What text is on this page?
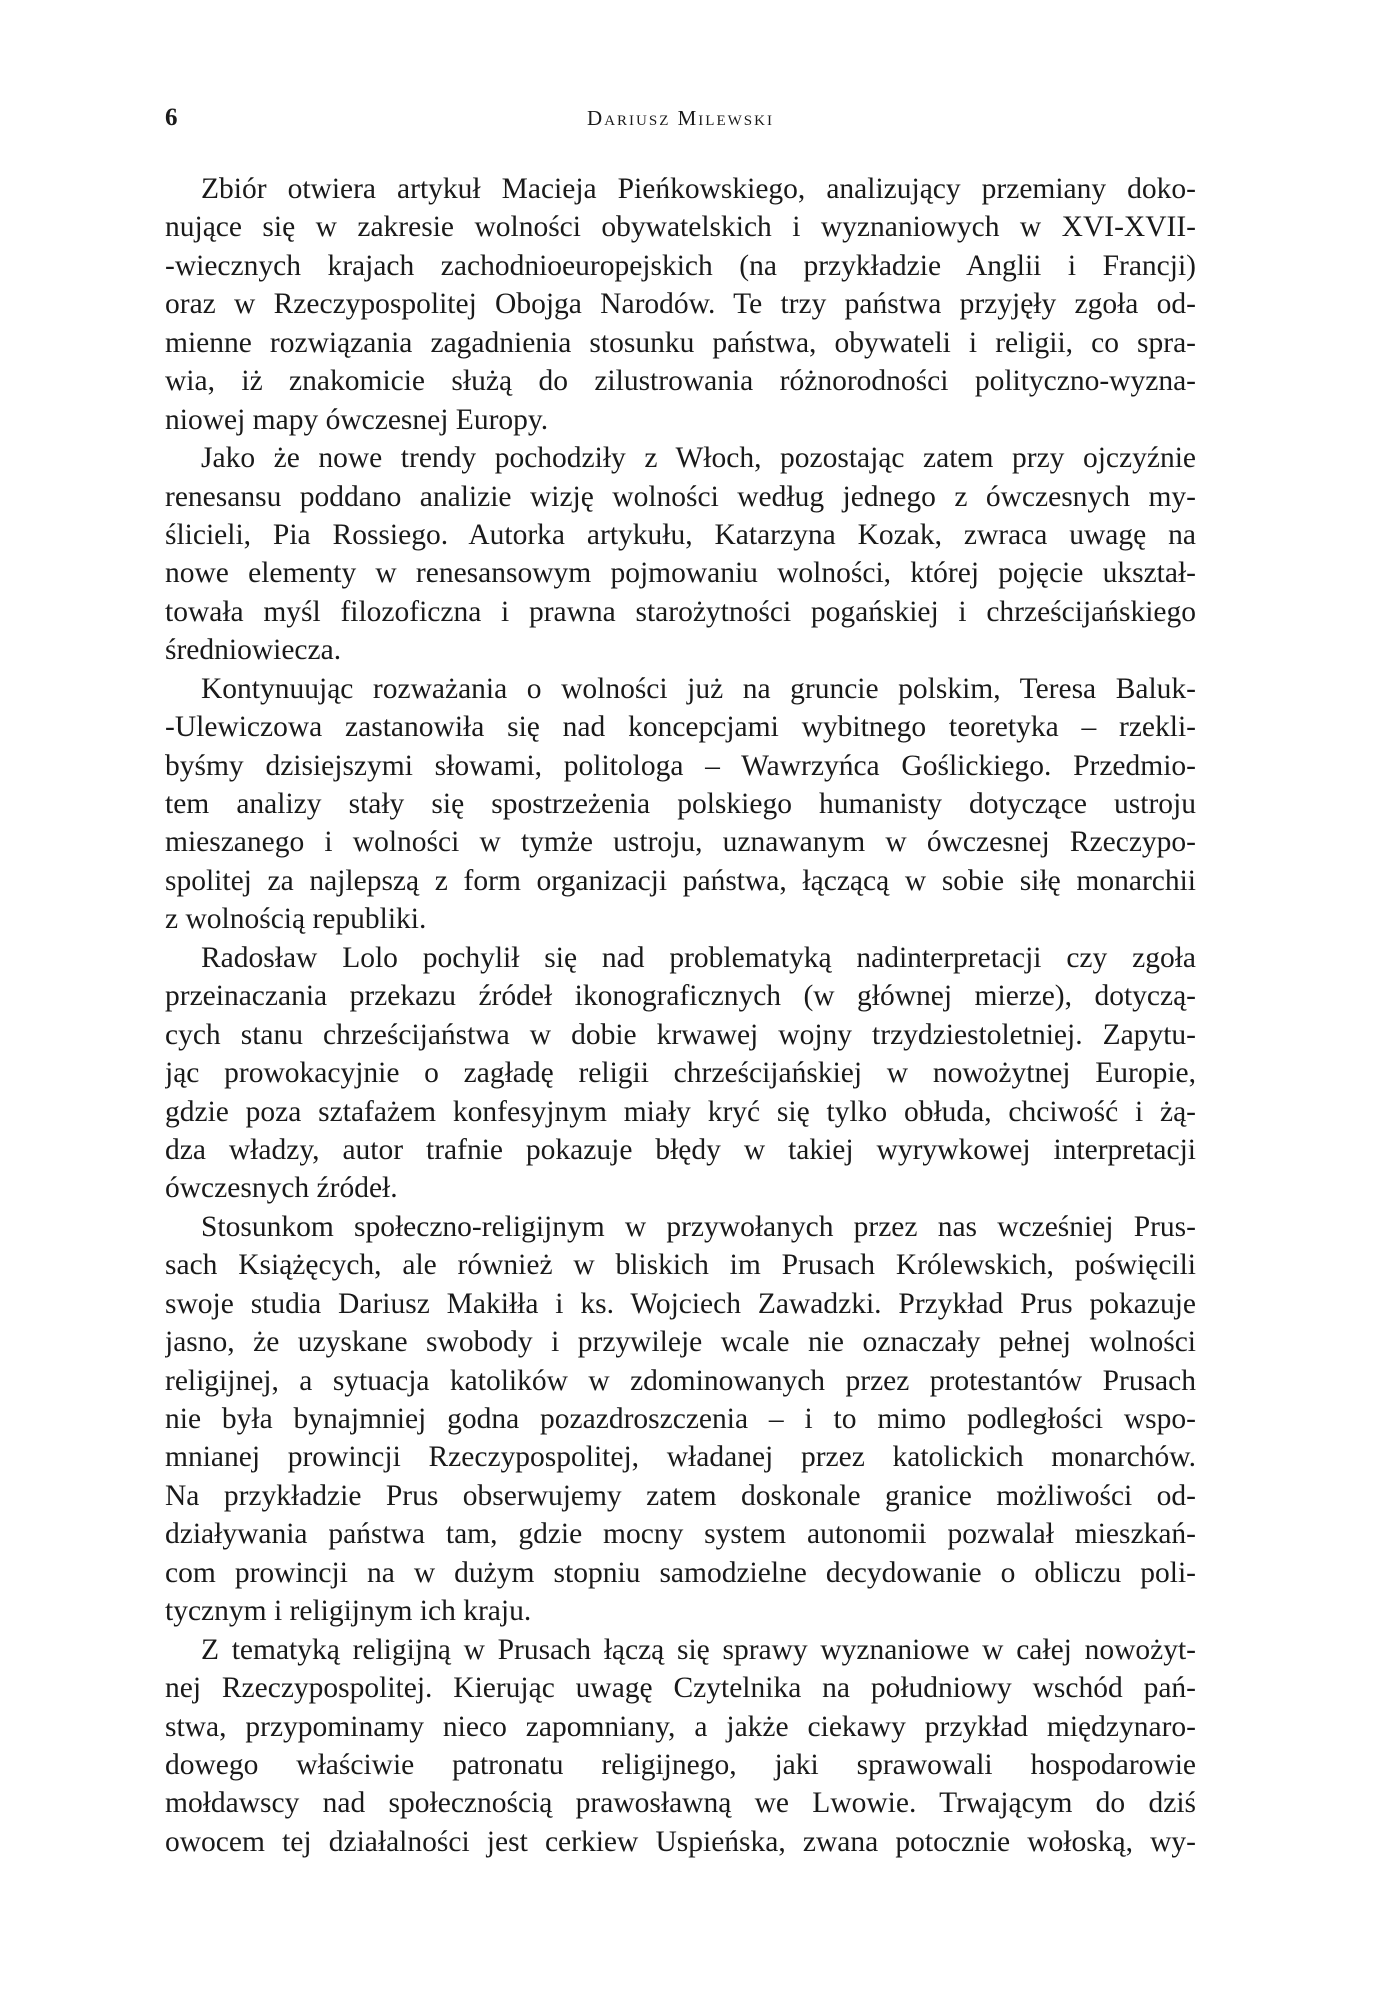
6	Dariusz Milewski
Zbiór otwiera artykuł Macieja Pieńkowskiego, analizujący przemiany doko-
nujące się w zakresie wolności obywatelskich i wyznaniowych w XVI-XVII-
-wiecznych krajach zachodnioeuropejskich (na przykładzie Anglii i Francji)
oraz w Rzeczypospolitej Obojga Narodów. Te trzy państwa przyjęły zgoła od-
mienne rozwiązania zagadnienia stosunku państwa, obywateli i religii, co spra-
wia, iż znakomicie służą do zilustrowania różnorodności polityczno-wyzna-
niowej mapy ówczesnej Europy.
Jako że nowe trendy pochodziły z Włoch, pozostając zatem przy ojczyźnie
renesansu poddano analizie wizję wolności według jednego z ówczesnych my-
ślicieli, Pia Rossiego. Autorka artykułu, Katarzyna Kozak, zwraca uwagę na
nowe elementy w renesansowym pojmowaniu wolności, której pojęcie ukształ-
towała myśl filozoficzna i prawna starożytności pogańskiej i chrześcijańskiego
średniowiecza.
Kontynuując rozważania o wolności już na gruncie polskim, Teresa Baluk-
-Ulewiczowa zastanowiła się nad koncepcjami wybitnego teoretyka – rzekli-
byśmy dzisiejszymi słowami, politologa – Wawrzyńca Goślickiego. Przedmio-
tem analizy stały się spostrzeżenia polskiego humanisty dotyczące ustroju
mieszanego i wolności w tymże ustroju, uznawanym w ówczesnej Rzeczypo-
spolitej za najlepszą z form organizacji państwa, łączącą w sobie siłę monarchii
z wolnością republiki.
Radosław Lolo pochylił się nad problematyką nadinterpretacji czy zgoła
przeinaczania przekazu źródeł ikonograficznych (w głównej mierze), dotyczą-
cych stanu chrześcijaństwa w dobie krwawej wojny trzydziestoletniej. Zapytu-
jąc prowokacyjnie o zagładę religii chrześcijańskiej w nowożytnej Europie,
gdzie poza sztafażem konfesyjnym miały kryć się tylko obłuda, chciwość i żą-
dza władzy, autor trafnie pokazuje błędy w takiej wyrywkowej interpretacji
ówczesnych źródeł.
Stosunkom społeczno-religijnym w przywołanych przez nas wcześniej Prus-
sach Książęcych, ale również w bliskich im Prusach Królewskich, poświęcili
swoje studia Dariusz Makiłła i ks. Wojciech Zawadzki. Przykład Prus pokazuje
jasno, że uzyskane swobody i przywileje wcale nie oznaczały pełnej wolności
religijnej, a sytuacja katolików w zdominowanych przez protestantów Prusach
nie była bynajmniej godna pozazdroszczenia – i to mimo podległości wspo-
mnianej prowincji Rzeczypospolitej, władanej przez katolickich monarchów.
Na przykładzie Prus obserwujemy zatem doskonale granice możliwości od-
działywania państwa tam, gdzie mocny system autonomii pozwalał mieszkań-
com prowincji na w dużym stopniu samodzielne decydowanie o obliczu poli-
tycznym i religijnym ich kraju.
Z tematyką religijną w Prusach łączą się sprawy wyznaniowe w całej nowożyt-
nej Rzeczypospolitej. Kierując uwagę Czytelnika na południowy wschód pań-
stwa, przypominamy nieco zapomniany, a jakże ciekawy przykład międzynaro-
dowego właściwie patronatu religijnego, jaki sprawowali hospodarowie
mołdawscy nad społecznością prawosławną we Lwowie. Trwającym do dziś
owocem tej działalności jest cerkiew Uspieńska, zwana potocznie wołoską, wy-
